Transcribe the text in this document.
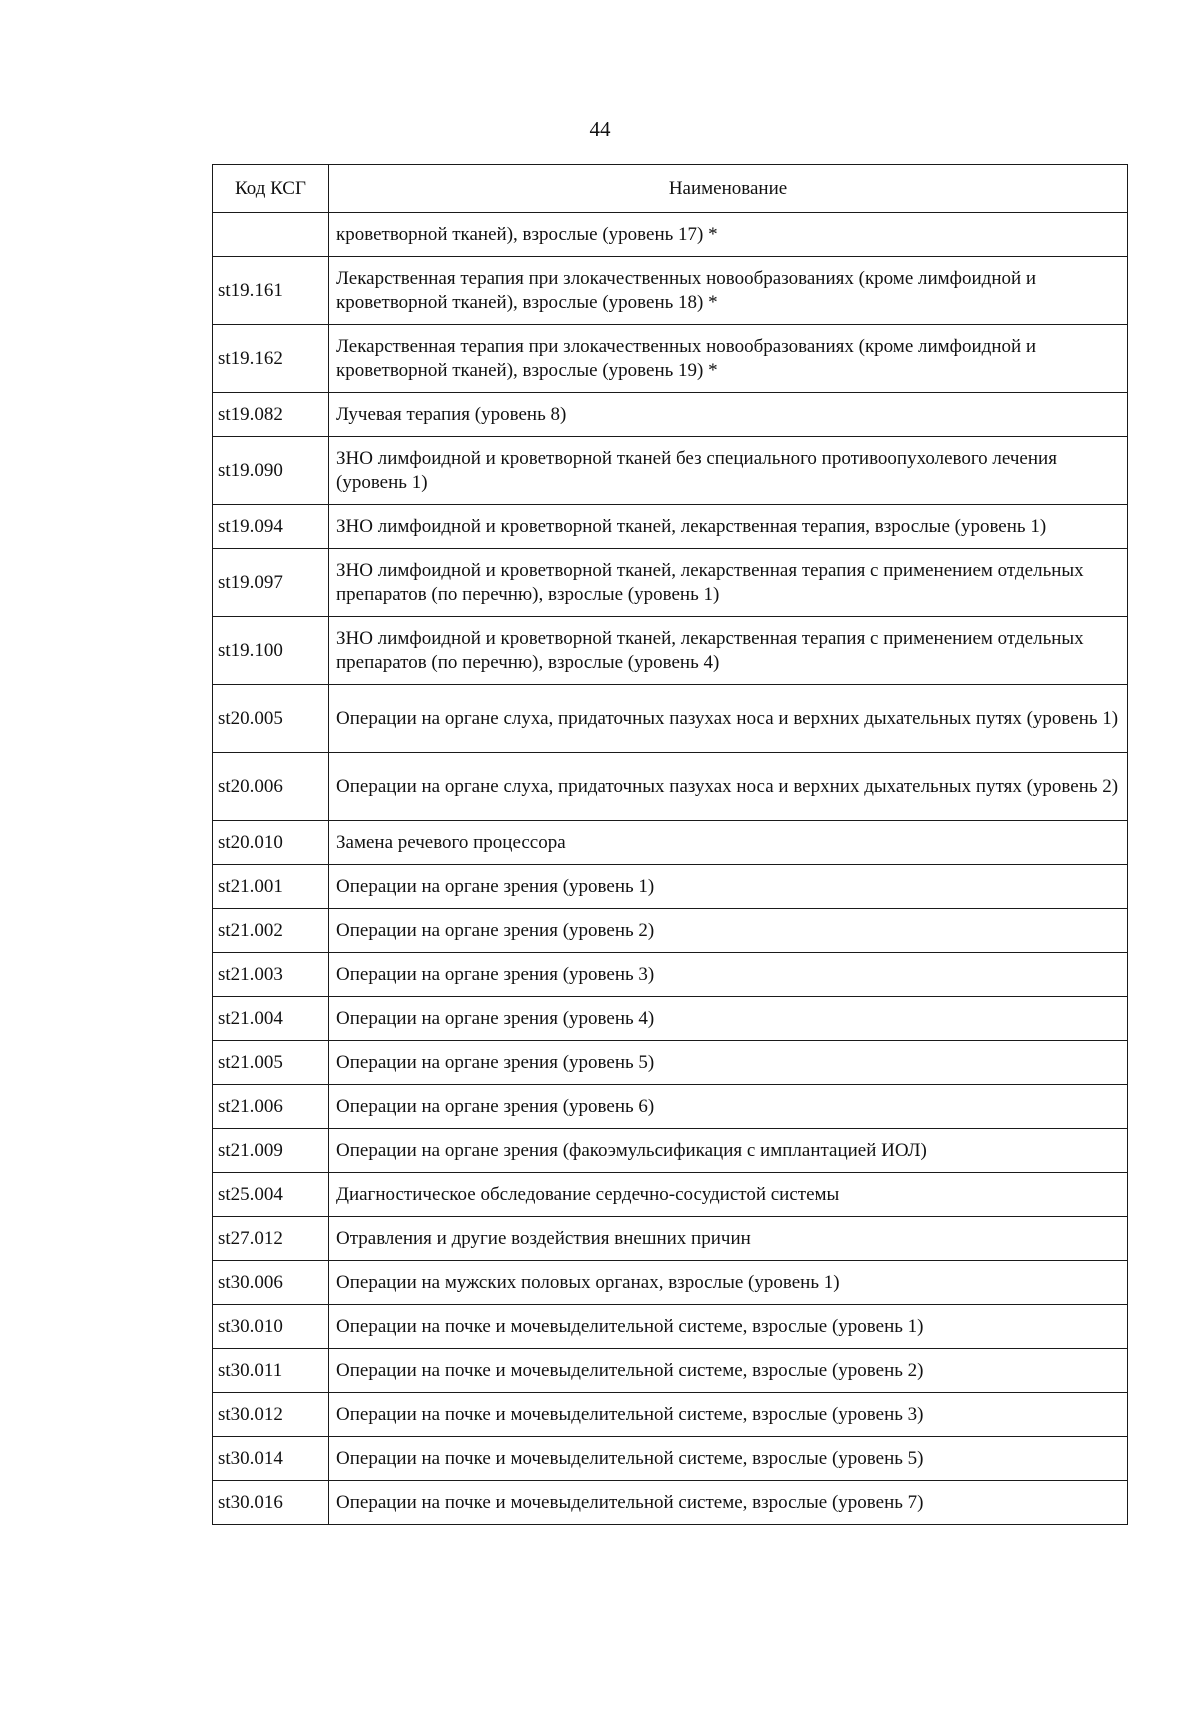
44
Код КСГ	Наименование
	кроветворной тканей), взрослые (уровень 17) *
st19.161	Лекарственная терапия при злокачественных новообразованиях (кроме лимфоидной и кроветворной тканей), взрослые (уровень 18) *
st19.162	Лекарственная терапия при злокачественных новообразованиях (кроме лимфоидной и кроветворной тканей), взрослые (уровень 19) *
st19.082	Лучевая терапия (уровень 8)
st19.090	ЗНО лимфоидной и кроветворной тканей без специального противоопухолевого лечения (уровень 1)
st19.094	ЗНО лимфоидной и кроветворной тканей, лекарственная терапия, взрослые (уровень 1)
st19.097	ЗНО лимфоидной и кроветворной тканей, лекарственная терапия с применением отдельных препаратов (по перечню), взрослые (уровень 1)
st19.100	ЗНО лимфоидной и кроветворной тканей, лекарственная терапия с применением отдельных препаратов (по перечню), взрослые (уровень 4)
st20.005	Операции на органе слуха, придаточных пазухах носа и верхних дыхательных путях (уровень 1)
st20.006	Операции на органе слуха, придаточных пазухах носа и верхних дыхательных путях (уровень 2)
st20.010	Замена речевого процессора
st21.001	Операции на органе зрения (уровень 1)
st21.002	Операции на органе зрения (уровень 2)
st21.003	Операции на органе зрения (уровень 3)
st21.004	Операции на органе зрения (уровень 4)
st21.005	Операции на органе зрения (уровень 5)
st21.006	Операции на органе зрения (уровень 6)
st21.009	Операции на органе зрения (факоэмульсификация с имплантацией ИОЛ)
st25.004	Диагностическое обследование сердечно-сосудистой системы
st27.012	Отравления и другие воздействия внешних причин
st30.006	Операции на мужских половых органах, взрослые (уровень 1)
st30.010	Операции на почке и мочевыделительной системе, взрослые (уровень 1)
st30.011	Операции на почке и мочевыделительной системе, взрослые (уровень 2)
st30.012	Операции на почке и мочевыделительной системе, взрослые (уровень 3)
st30.014	Операции на почке и мочевыделительной системе, взрослые (уровень 5)
st30.016	Операции на почке и мочевыделительной системе, взрослые (уровень 7)
